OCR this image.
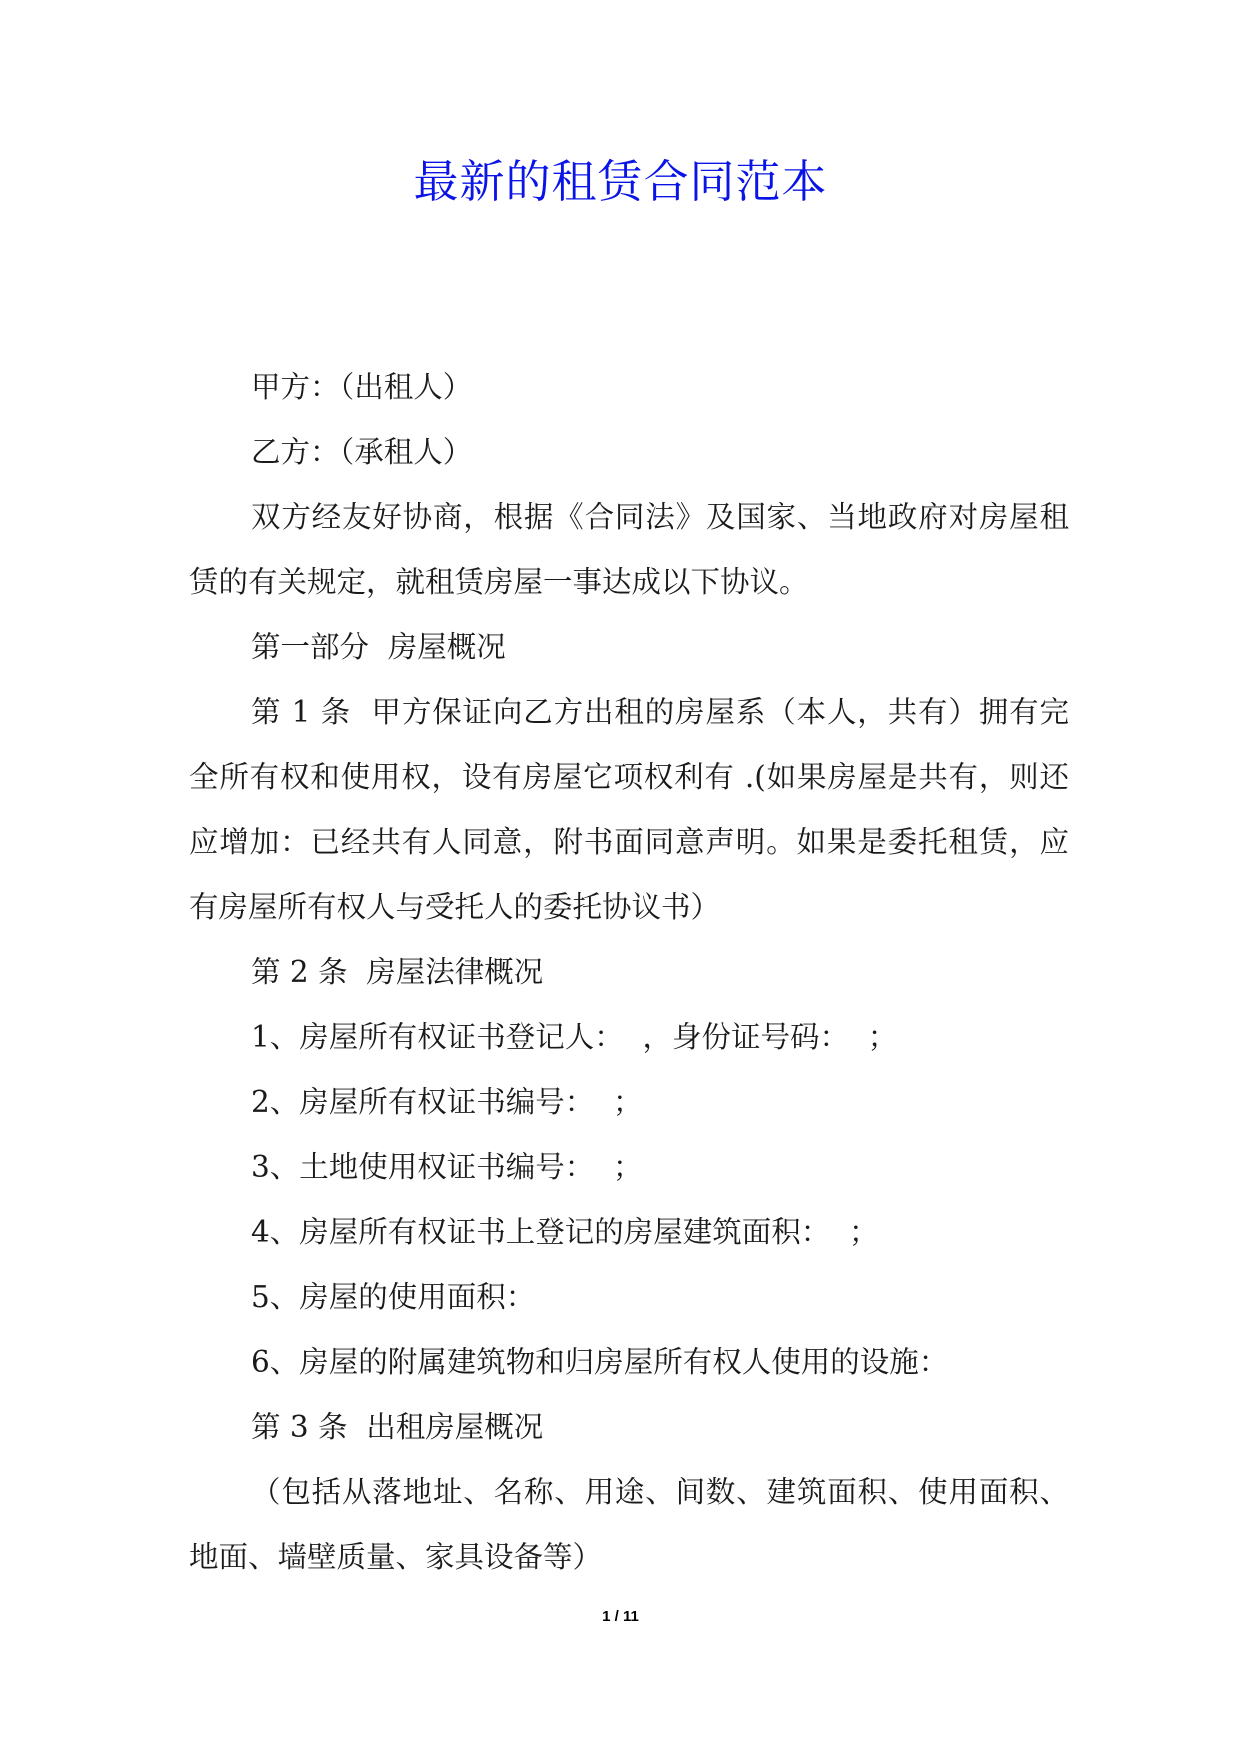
最新的租赁合同范本

甲方：（出租人）

乙方：（承租人）

双方经友好协商，根据《合同法》及国家、当地政府对房屋租赁的有关规定，就租赁房屋一事达成以下协议。

第一部分  房屋概况

第 1 条  甲方保证向乙方出租的房屋系（本人，共有）拥有完全所有权和使用权，设有房屋它项权利有 .(如果房屋是共有，则还应增加：已经共有人同意，附书面同意声明。如果是委托租赁，应有房屋所有权人与受托人的委托协议书）

第 2 条  房屋法律概况

1、房屋所有权证书登记人：  ，身份证号码：  ；

2、房屋所有权证书编号：  ；

3、土地使用权证书编号：  ；

4、房屋所有权证书上登记的房屋建筑面积：  ；

5、房屋的使用面积：

6、房屋的附属建筑物和归房屋所有权人使用的设施：

第 3 条  出租房屋概况

（包括从落地址、名称、用途、间数、建筑面积、使用面积、地面、墙壁质量、家具设备等）

1 / 11
